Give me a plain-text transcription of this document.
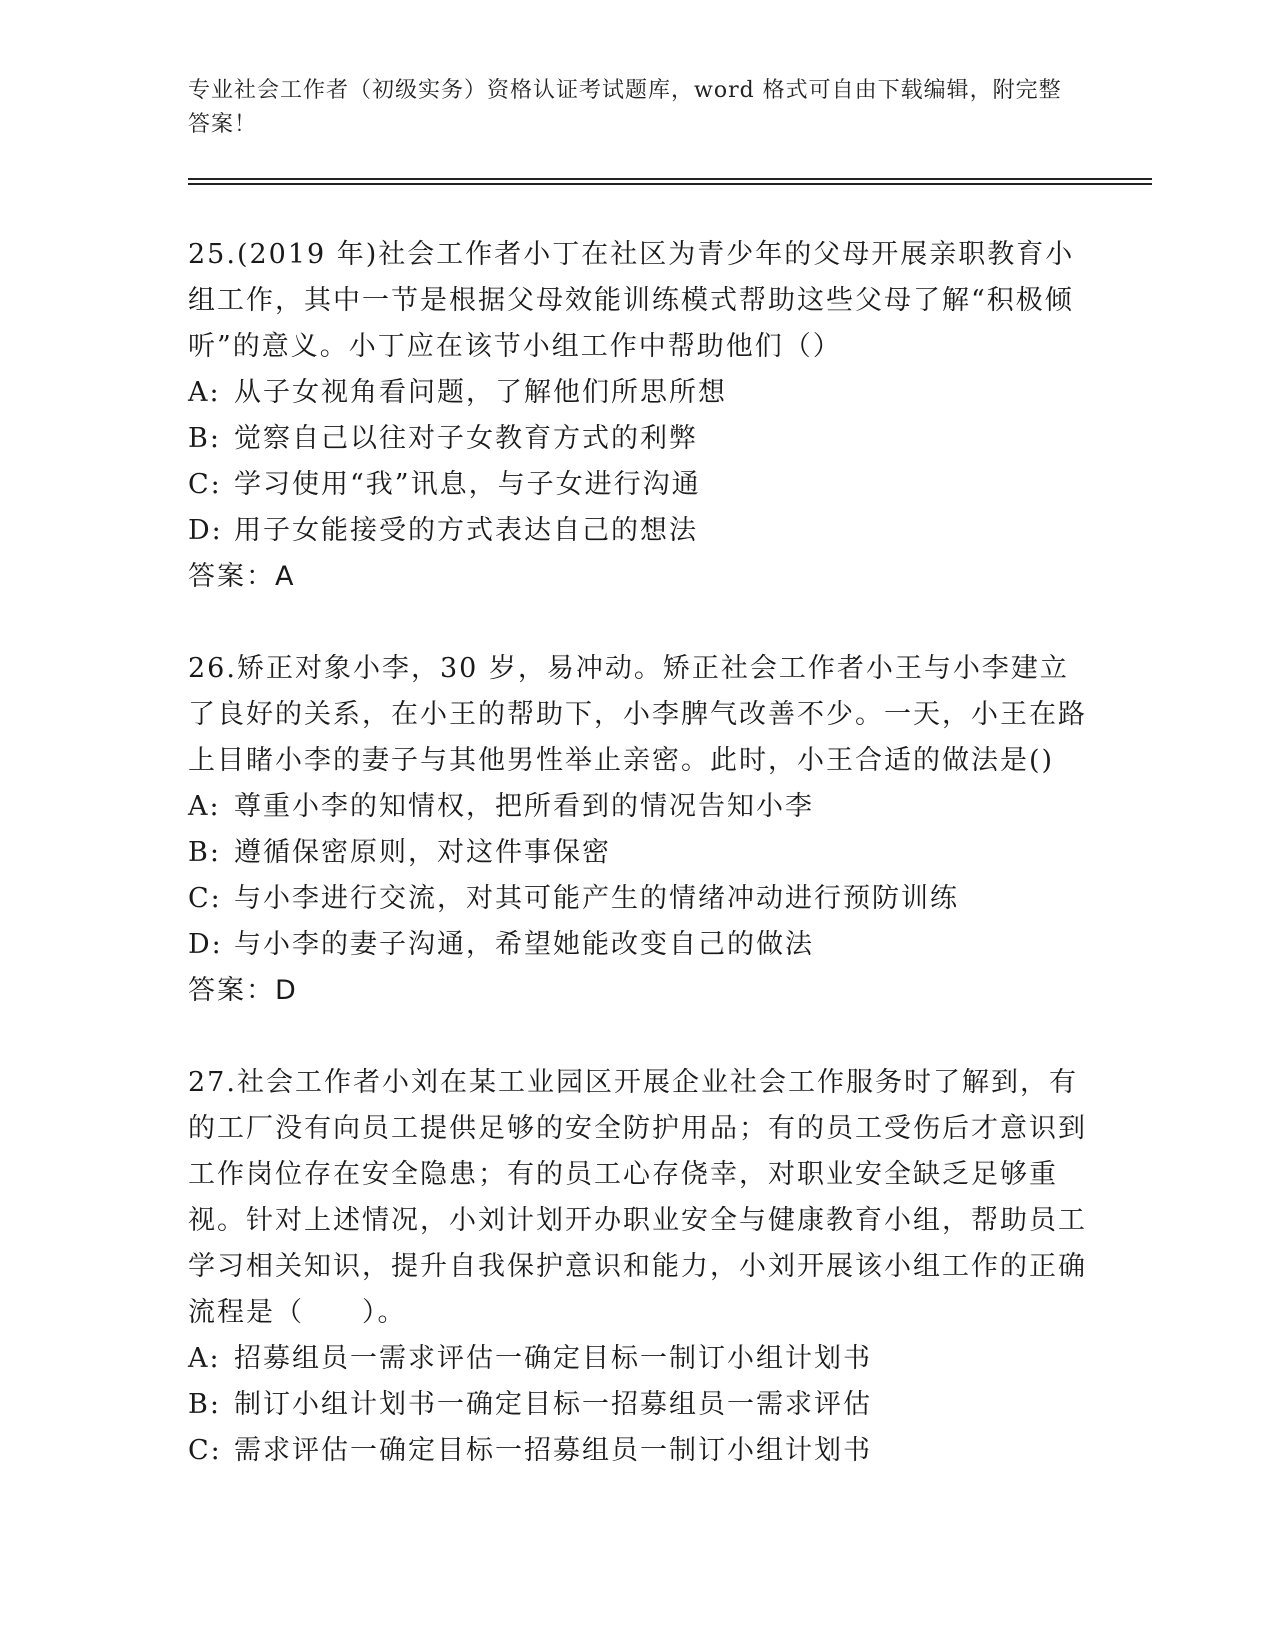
专业社会工作者（初级实务）资格认证考试题库，word 格式可自由下载编辑，附完整答案！

25.(2019 年)社会工作者小丁在社区为青少年的父母开展亲职教育小组工作，其中一节是根据父母效能训练模式帮助这些父母了解“积极倾听”的意义。小丁应在该节小组工作中帮助他们（）

A: 从子女视角看问题，了解他们所思所想

B: 觉察自己以往对子女教育方式的利弊

C: 学习使用“我”讯息，与子女进行沟通

D: 用子女能接受的方式表达自己的想法

答案：A

26.矫正对象小李，30 岁，易冲动。矫正社会工作者小王与小李建立了良好的关系，在小王的帮助下，小李脾气改善不少。一天，小王在路上目睹小李的妻子与其他男性举止亲密。此时，小王合适的做法是()

A: 尊重小李的知情权，把所看到的情况告知小李

B: 遵循保密原则，对这件事保密

C: 与小李进行交流，对其可能产生的情绪冲动进行预防训练

D: 与小李的妻子沟通，希望她能改变自己的做法

答案：D

27.社会工作者小刘在某工业园区开展企业社会工作服务时了解到，有的工厂没有向员工提供足够的安全防护用品；有的员工受伤后才意识到工作岗位存在安全隐患；有的员工心存侥幸，对职业安全缺乏足够重视。针对上述情况，小刘计划开办职业安全与健康教育小组，帮助员工学习相关知识，提升自我保护意识和能力，小刘开展该小组工作的正确流程是（　　）。

A: 招募组员一需求评估一确定目标一制订小组计划书

B: 制订小组计划书一确定目标一招募组员一需求评估

C: 需求评估一确定目标一招募组员一制订小组计划书
